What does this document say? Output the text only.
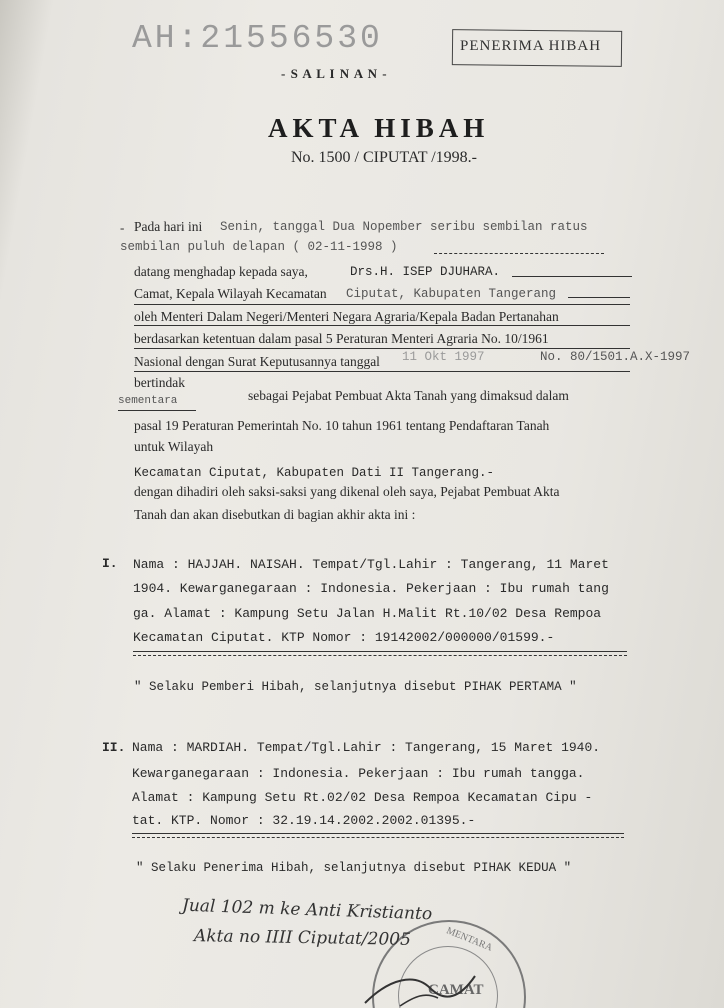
AH:21556530	PENERIMA HIBAH
- S A L I N A N -
AKTA HIBAH
No. 1500 / CIPUTAT /1998.-
- Pada hari ini Senin, tanggal Dua Nopember seribu sembilan ratus
sembilan puluh delapan ( 02-11-1998 )
datang menghadap kepada saya,	Drs.H. ISEP DJUHARA.
Camat, Kepala Wilayah Kecamatan Ciputat, Kabupaten Tangerang
oleh Menteri Dalam Negeri/Menteri Negara Agraria/Kepala Badan Pertanahan
berdasarkan ketentuan dalam pasal 5 Peraturan Menteri Agraria No. 10/1961
Nasional dengan Surat Keputusannya tanggal 11 Okt 1997	No. 80/1501.A.X-1997
bertindak
sementara	sebagai Pejabat Pembuat Akta Tanah yang dimaksud dalam
pasal 19 Peraturan Pemerintah No. 10 tahun 1961 tentang Pendaftaran Tanah
untuk Wilayah
Kecamatan Ciputat, Kabupaten Dati II Tangerang.-
dengan dihadiri oleh saksi-saksi yang dikenal oleh saya, Pejabat Pembuat Akta
Tanah dan akan disebutkan di bagian akhir akta ini :
I. Nama : HAJJAH. NAISAH. Tempat/Tgl.Lahir : Tangerang, 11 Maret
1904. Kewarganegaraan : Indonesia. Pekerjaan : Ibu rumah tang
ga. Alamat : Kampung Setu Jalan H.Malit Rt.10/02 Desa Rempoa
Kecamatan Ciputat. KTP Nomor : 19142002/000000/01599.-
" Selaku Pemberi Hibah, selanjutnya disebut PIHAK PERTAMA "
II. Nama : MARDIAH. Tempat/Tgl.Lahir : Tangerang, 15 Maret 1940.
Kewarganegaraan : Indonesia. Pekerjaan : Ibu rumah tangga.
Alamat : Kampung Setu Rt.02/02 Desa Rempoa Kecamatan Cipu -
tat. KTP. Nomor : 32.19.14.2002.2002.01395.-
" Selaku Penerima Hibah, selanjutnya disebut PIHAK KEDUA "
MENTARA
CAMAT
Jual 102 m ke Anti Kristianto
Akta no IIII Ciputat/2005
